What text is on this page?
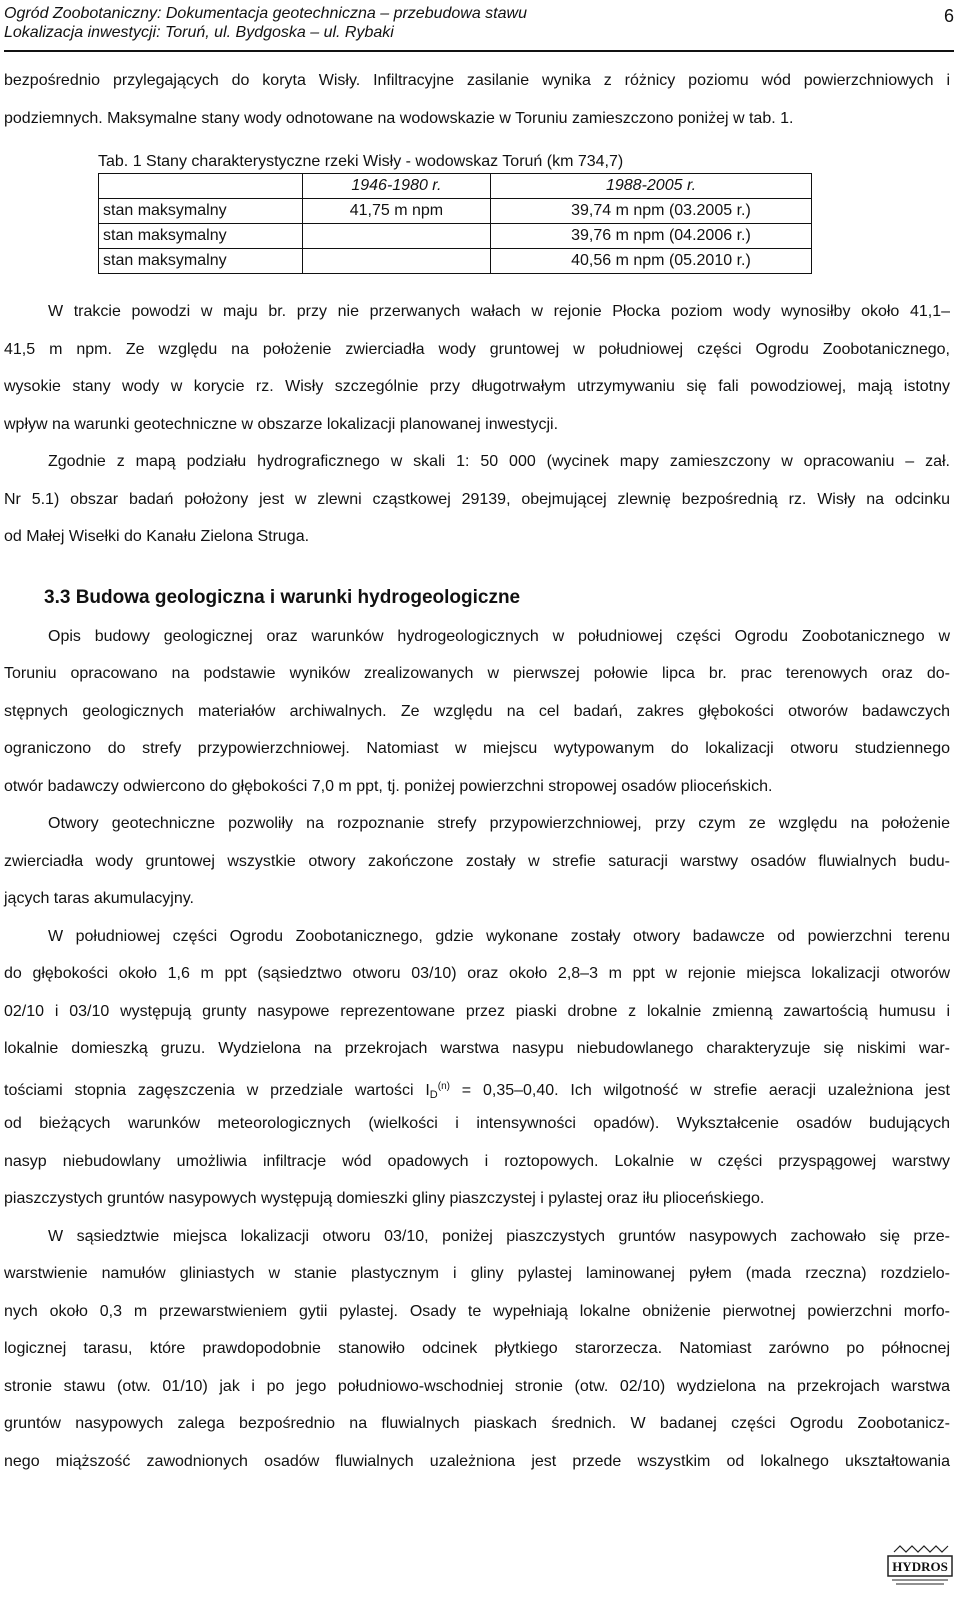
Ogród Zoobotaniczny: Dokumentacja geotechniczna – przebudowa stawu
Lokalizacja inwestycji: Toruń, ul. Bydgoska – ul. Rybaki
6
bezpośrednio przylegających do koryta Wisły. Infiltracyjne zasilanie wynika z różnicy poziomu wód powierzchniowych i
podziemnych. Maksymalne stany wody odnotowane na wodowskazie w Toruniu zamieszczono poniżej w tab. 1.
Tab. 1 Stany charakterystyczne rzeki Wisły - wodowskaz Toruń (km 734,7)
	1946-1980 r.	1988-2005 r.
stan maksymalny	41,75 m npm	39,74 m npm (03.2005 r.)
stan maksymalny		39,76 m npm (04.2006 r.)
stan maksymalny		40,56 m npm (05.2010 r.)
W trakcie powodzi w maju br. przy nie przerwanych wałach w rejonie Płocka poziom wody wynosiłby około 41,1–
41,5 m npm. Ze względu na położenie zwierciadła wody gruntowej w południowej części Ogrodu Zoobotanicznego,
wysokie stany wody w korycie rz. Wisły szczególnie przy długotrwałym utrzymywaniu się fali powodziowej, mają istotny
wpływ na warunki geotechniczne w obszarze lokalizacji planowanej inwestycji.
Zgodnie z mapą podziału hydrograficznego w skali 1: 50 000 (wycinek mapy zamieszczony w opracowaniu – zał.
Nr 5.1) obszar badań położony jest w zlewni cząstkowej 29139, obejmującej zlewnię bezpośrednią rz. Wisły na odcinku
od Małej Wisełki do Kanału Zielona Struga.
3.3 Budowa geologiczna i warunki hydrogeologiczne
Opis budowy geologicznej oraz warunków hydrogeologicznych w południowej części Ogrodu Zoobotanicznego w
Toruniu opracowano na podstawie wyników zrealizowanych w pierwszej połowie lipca br. prac terenowych oraz do-
stępnych geologicznych materiałów archiwalnych. Ze względu na cel badań, zakres głębokości otworów badawczych
ograniczono do strefy przypowierzchniowej. Natomiast w miejscu wytypowanym do lokalizacji otworu studziennego
otwór badawczy odwiercono do głębokości 7,0 m ppt, tj. poniżej powierzchni stropowej osadów plioceńskich.
Otwory geotechniczne pozwoliły na rozpoznanie strefy przypowierzchniowej, przy czym ze względu na położenie
zwierciadła wody gruntowej wszystkie otwory zakończone zostały w strefie saturacji warstwy osadów fluwialnych budu-
jących taras akumulacyjny.
W południowej części Ogrodu Zoobotanicznego, gdzie wykonane zostały otwory badawcze od powierzchni terenu
do głębokości około 1,6 m ppt (sąsiedztwo otworu 03/10) oraz około 2,8–3 m ppt w rejonie miejsca lokalizacji otworów
02/10 i 03/10 występują grunty nasypowe reprezentowane przez piaski drobne z lokalnie zmienną zawartością humusu i
lokalnie domieszką gruzu. Wydzielona na przekrojach warstwa nasypu niebudowlanego charakteryzuje się niskimi war-
tościami stopnia zagęszczenia w przedziale wartości $I_D^{(n)} = 0,35-0,40$. Ich wilgotność w strefie aeracji uzależniona jest
od bieżących warunków meteorologicznych (wielkości i intensywności opadów). Wykształcenie osadów budujących
nasyp niebudowlany umożliwia infiltracje wód opadowych i roztopowych. Lokalnie w części przyspągowej warstwy
piaszczystych gruntów nasypowych występują domieszki gliny piaszczystej i pylastej oraz iłu plioceńskiego.
W sąsiedztwie miejsca lokalizacji otworu 03/10, poniżej piaszczystych gruntów nasypowych zachowało się prze-
warstwienie namułów gliniastych w stanie plastycznym i gliny pylastej laminowanej pyłem (mada rzeczna) rozdzielo-
nych około 0,3 m przewarstwieniem gytii pylastej. Osady te wypełniają lokalne obniżenie pierwotnej powierzchni morfo-
logicznej tarasu, które prawdopodobnie stanowiło odcinek płytkiego starorzecza. Natomiast zarówno po północnej
stronie stawu (otw. 01/10) jak i po jego południowo-wschodniej stronie (otw. 02/10) wydzielona na przekrojach warstwa
gruntów nasypowych zalega bezpośrednio na fluwialnych piaskach średnich. W badanej części Ogrodu Zoobotanicz-
nego miąższość zawodnionych osadów fluwialnych uzależniona jest przede wszystkim od lokalnego ukształtowania
HYDROS
